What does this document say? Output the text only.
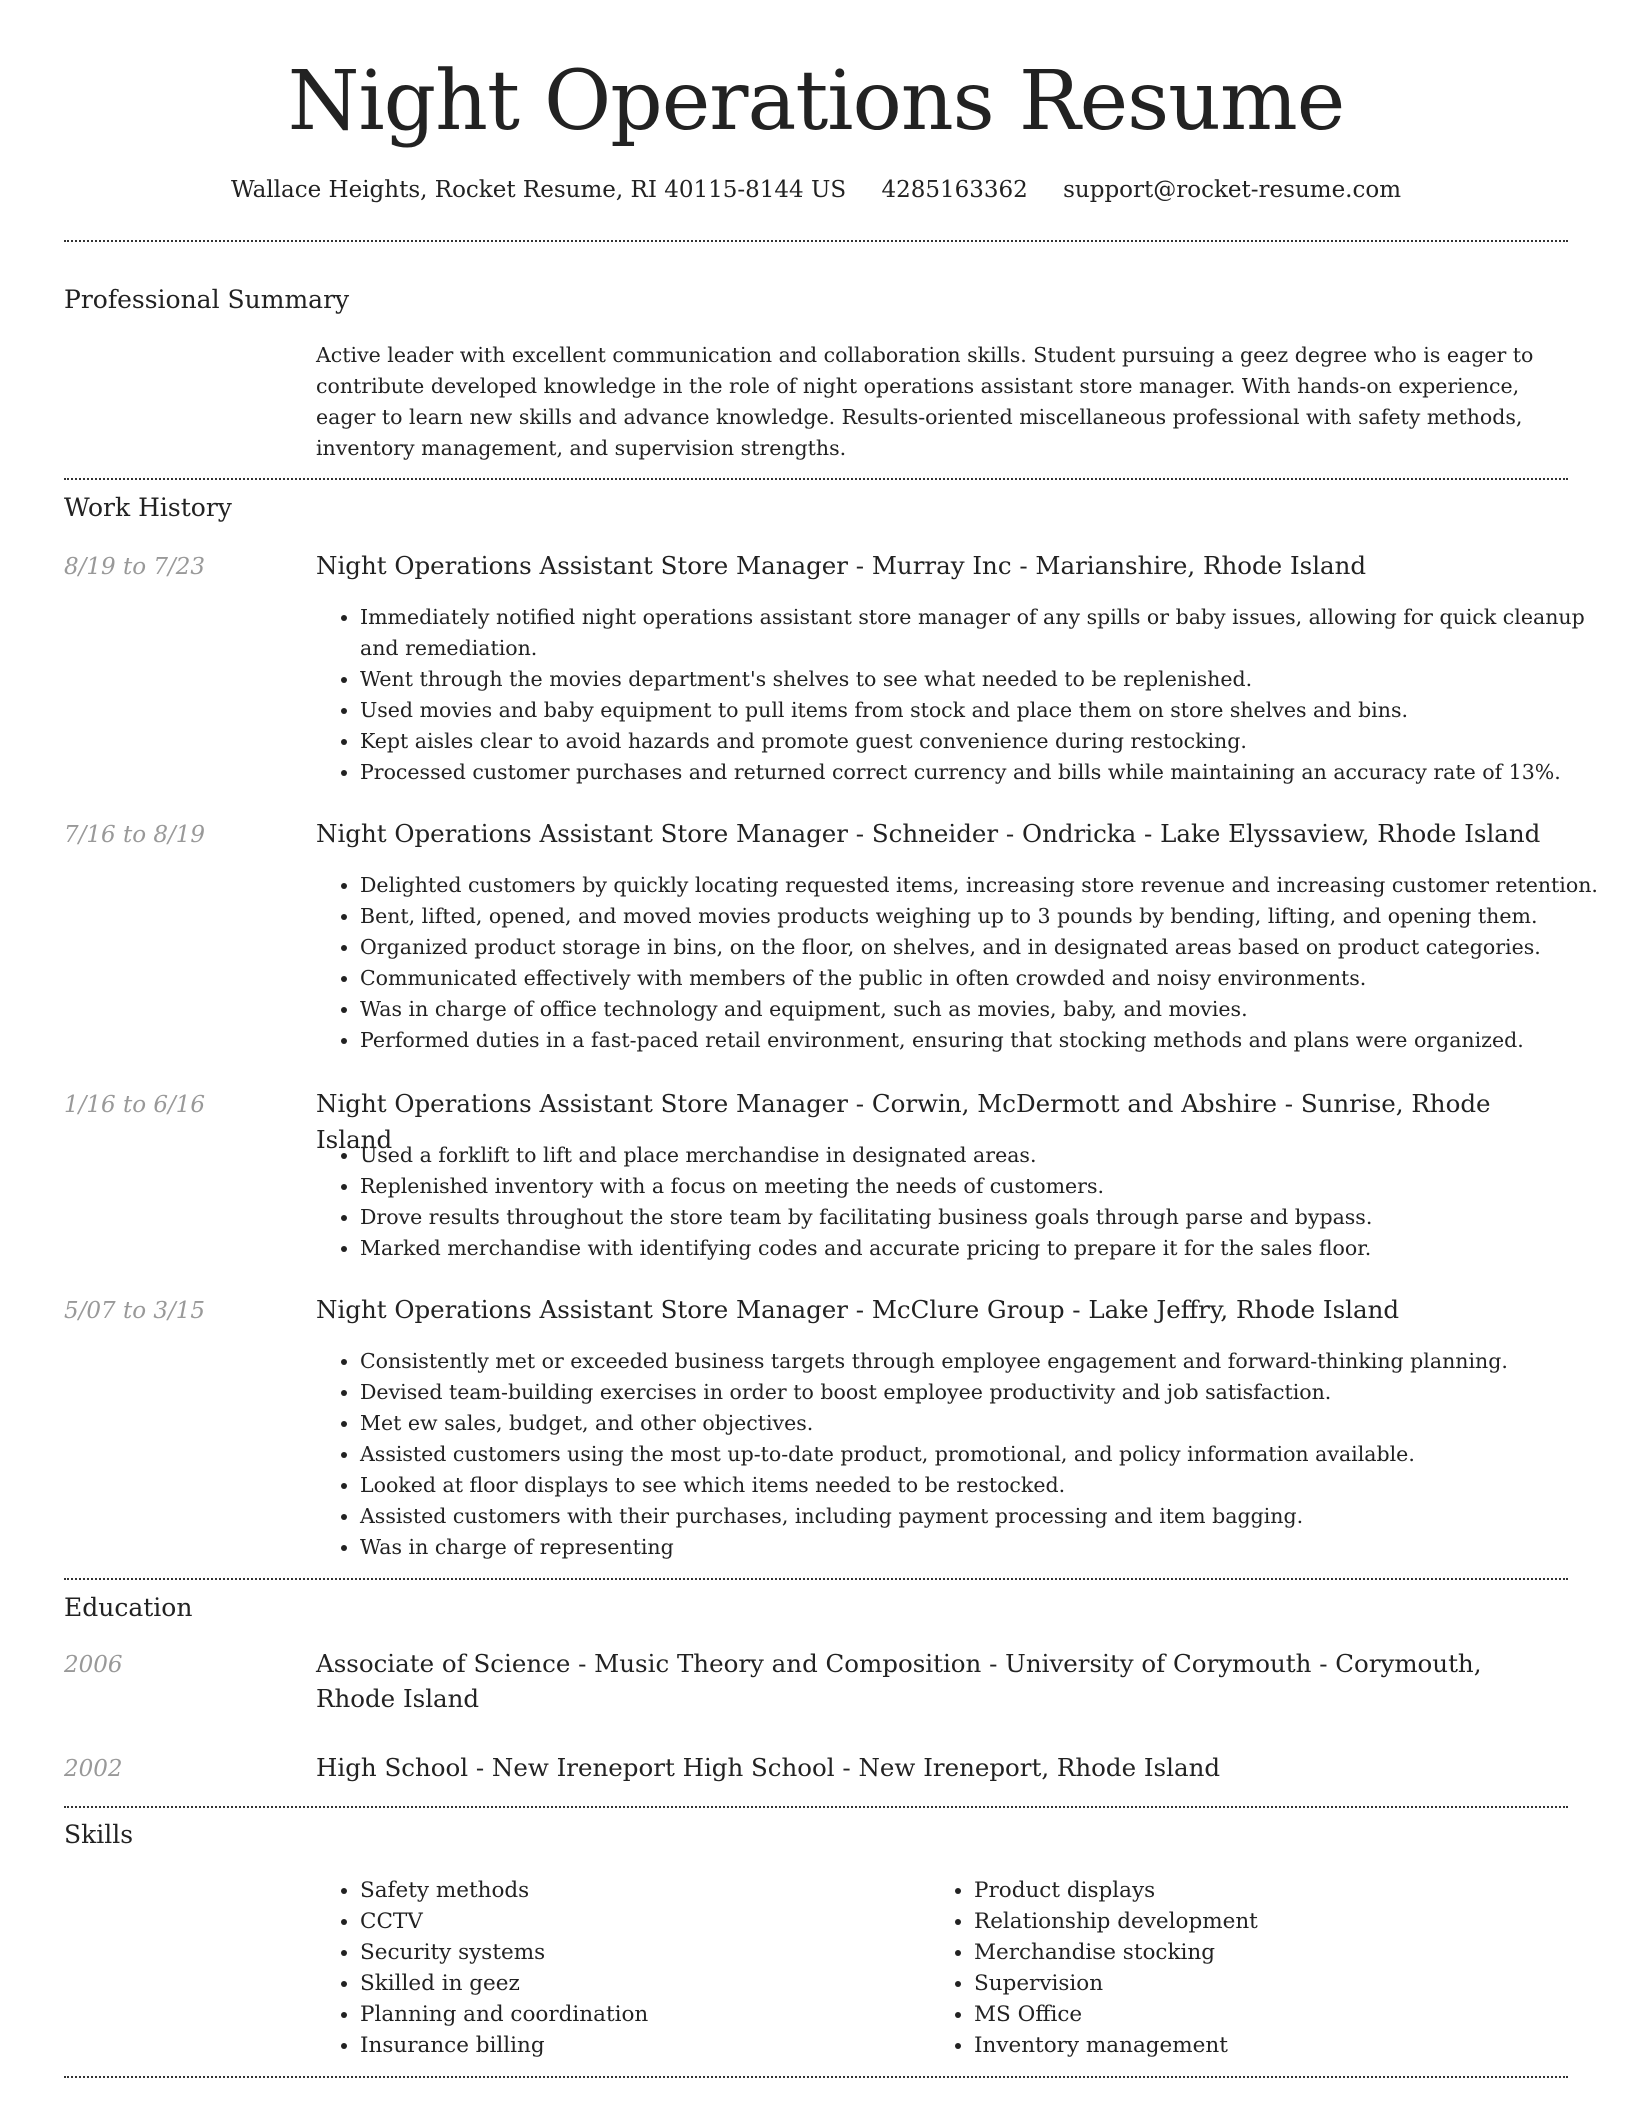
Night Operations Resume
Wallace Heights, Rocket Resume, RI 40115-8144 US 4285163362 support@rocket-resume.com
Professional Summary

Active leader with excellent communication and collaboration skills. Student pursuing a geez degree who is eager to contribute developed knowledge in the role of night operations assistant store manager. With hands-on experience, eager to learn new skills and advance knowledge. Results-oriented miscellaneous professional with safety methods, inventory management, and supervision strengths.

Work History
8/19 to 7/23	Night Operations Assistant Store Manager - Murray Inc - Marianshire, Rhode Island
• Immediately notified night operations assistant store manager of any spills or baby issues, allowing for quick cleanup and remediation.
• Went through the movies department's shelves to see what needed to be replenished.
• Used movies and baby equipment to pull items from stock and place them on store shelves and bins.
• Kept aisles clear to avoid hazards and promote guest convenience during restocking.
• Processed customer purchases and returned correct currency and bills while maintaining an accuracy rate of 13%.
7/16 to 8/19	Night Operations Assistant Store Manager - Schneider - Ondricka - Lake Elyssaview, Rhode Island
• Delighted customers by quickly locating requested items, increasing store revenue and increasing customer retention.
• Bent, lifted, opened, and moved movies products weighing up to 3 pounds by bending, lifting, and opening them.
• Organized product storage in bins, on the floor, on shelves, and in designated areas based on product categories.
• Communicated effectively with members of the public in often crowded and noisy environments.
• Was in charge of office technology and equipment, such as movies, baby, and movies.
• Performed duties in a fast-paced retail environment, ensuring that stocking methods and plans were organized.
1/16 to 6/16	Night Operations Assistant Store Manager - Corwin, McDermott and Abshire - Sunrise, Rhode Island
• Used a forklift to lift and place merchandise in designated areas.
• Replenished inventory with a focus on meeting the needs of customers.
• Drove results throughout the store team by facilitating business goals through parse and bypass.
• Marked merchandise with identifying codes and accurate pricing to prepare it for the sales floor.
5/07 to 3/15	Night Operations Assistant Store Manager - McClure Group - Lake Jeffry, Rhode Island
• Consistently met or exceeded business targets through employee engagement and forward-thinking planning.
• Devised team-building exercises in order to boost employee productivity and job satisfaction.
• Met ew sales, budget, and other objectives.
• Assisted customers using the most up-to-date product, promotional, and policy information available.
• Looked at floor displays to see which items needed to be restocked.
• Assisted customers with their purchases, including payment processing and item bagging.
• Was in charge of representing
Education
2006	Associate of Science - Music Theory and Composition - University of Corymouth - Corymouth, Rhode Island
2002	High School - New Ireneport High School - New Ireneport, Rhode Island
Skills
• Safety methods
• CCTV
• Security systems
• Skilled in geez
• Planning and coordination
• Insurance billing
• Product displays
• Relationship development
• Merchandise stocking
• Supervision
• MS Office
• Inventory management
